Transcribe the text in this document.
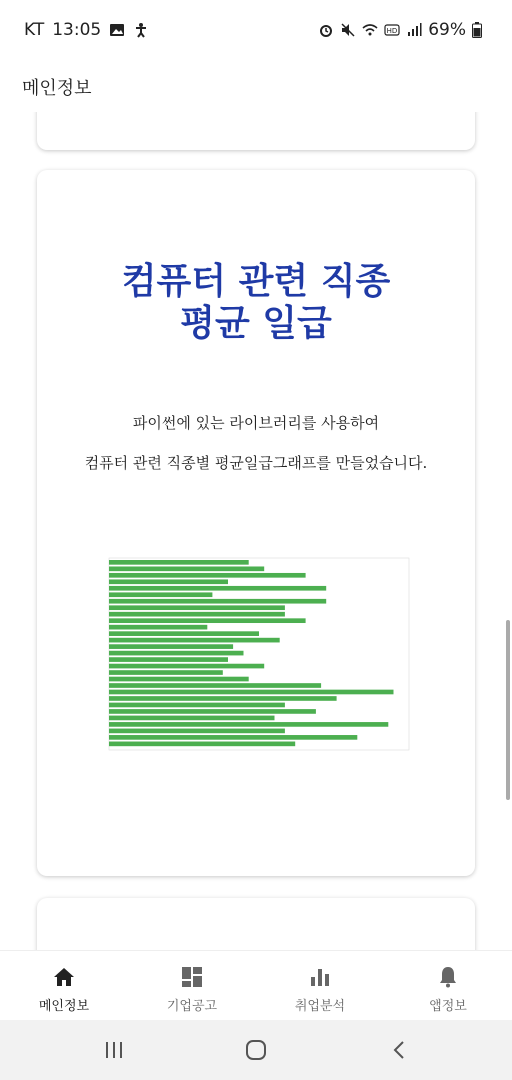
KT 13:05	HD 69%
메인정보
컴퓨터 관련 직종
평균 일급
파이썬에 있는 라이브러리를 사용하여
컴퓨터 관련 직종별 평균일급그래프를 만들었습니다.
메인정보	기업공고	취업분석	앱정보
